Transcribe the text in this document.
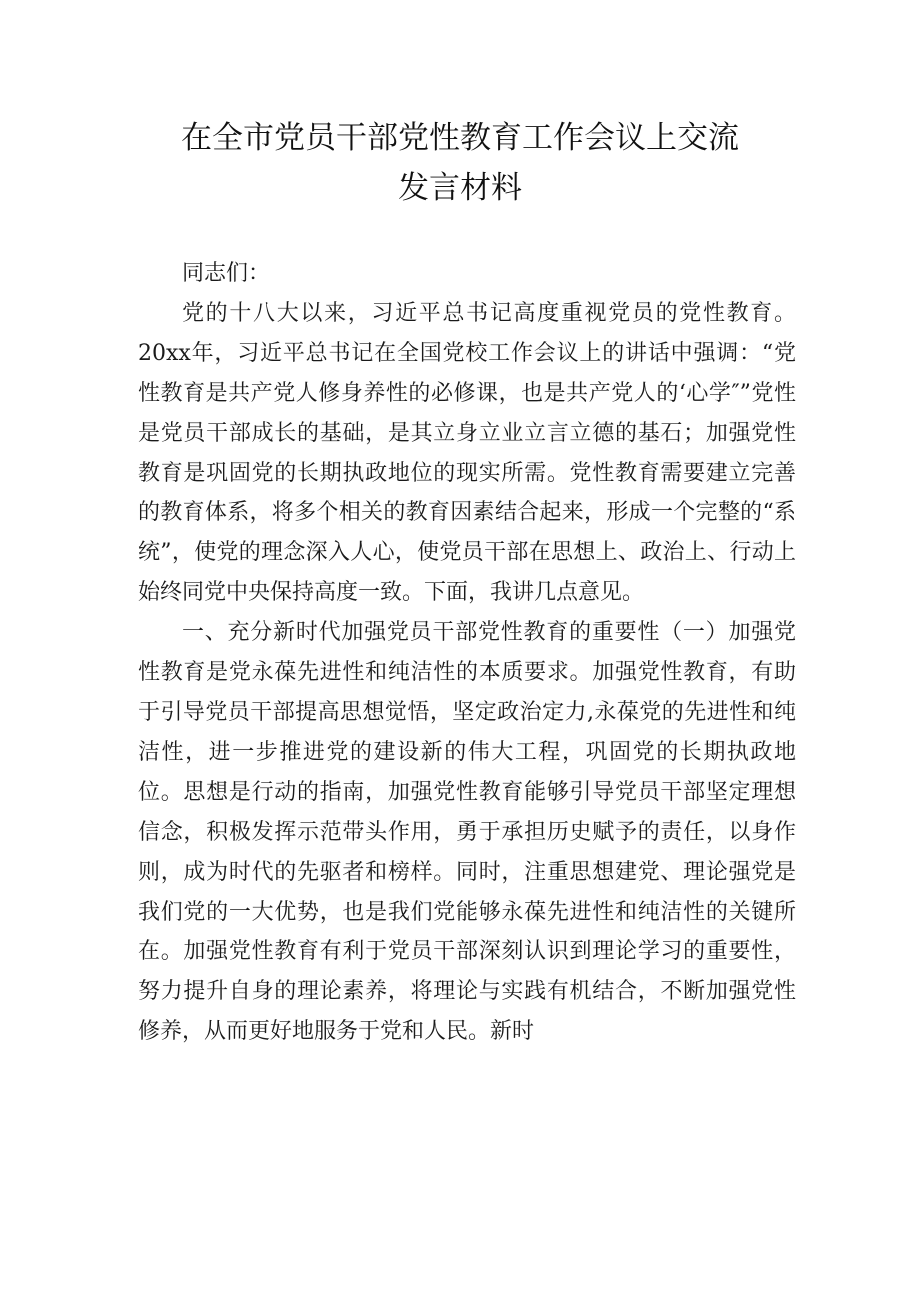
在全市党员干部党性教育工作会议上交流
发言材料

同志们：

党的十八大以来，习近平总书记高度重视党员的党性教育。20xx年，习近平总书记在全国党校工作会议上的讲话中强调：“党性教育是共产党人修身养性的必修课，也是共产党人的‘心学″”党性是党员干部成长的基础，是其立身立业立言立德的基石；加强党性教育是巩固党的长期执政地位的现实所需。党性教育需要建立完善的教育体系，将多个相关的教育因素结合起来，形成一个完整的“系统”，使党的理念深入人心，使党员干部在思想上、政治上、行动上始终同党中央保持高度一致。下面，我讲几点意见。

一、充分新时代加强党员干部党性教育的重要性（一）加强党性教育是党永葆先进性和纯洁性的本质要求。加强党性教育，有助于引导党员干部提高思想觉悟，坚定政治定力,永葆党的先进性和纯洁性，进一步推进党的建设新的伟大工程，巩固党的长期执政地位。思想是行动的指南，加强党性教育能够引导党员干部坚定理想信念，积极发挥示范带头作用，勇于承担历史赋予的责任，以身作则，成为时代的先驱者和榜样。同时，注重思想建党、理论强党是我们党的一大优势，也是我们党能够永葆先进性和纯洁性的关键所在。加强党性教育有利于党员干部深刻认识到理论学习的重要性，努力提升自身的理论素养，将理论与实践有机结合，不断加强党性修养，从而更好地服务于党和人民。新时
